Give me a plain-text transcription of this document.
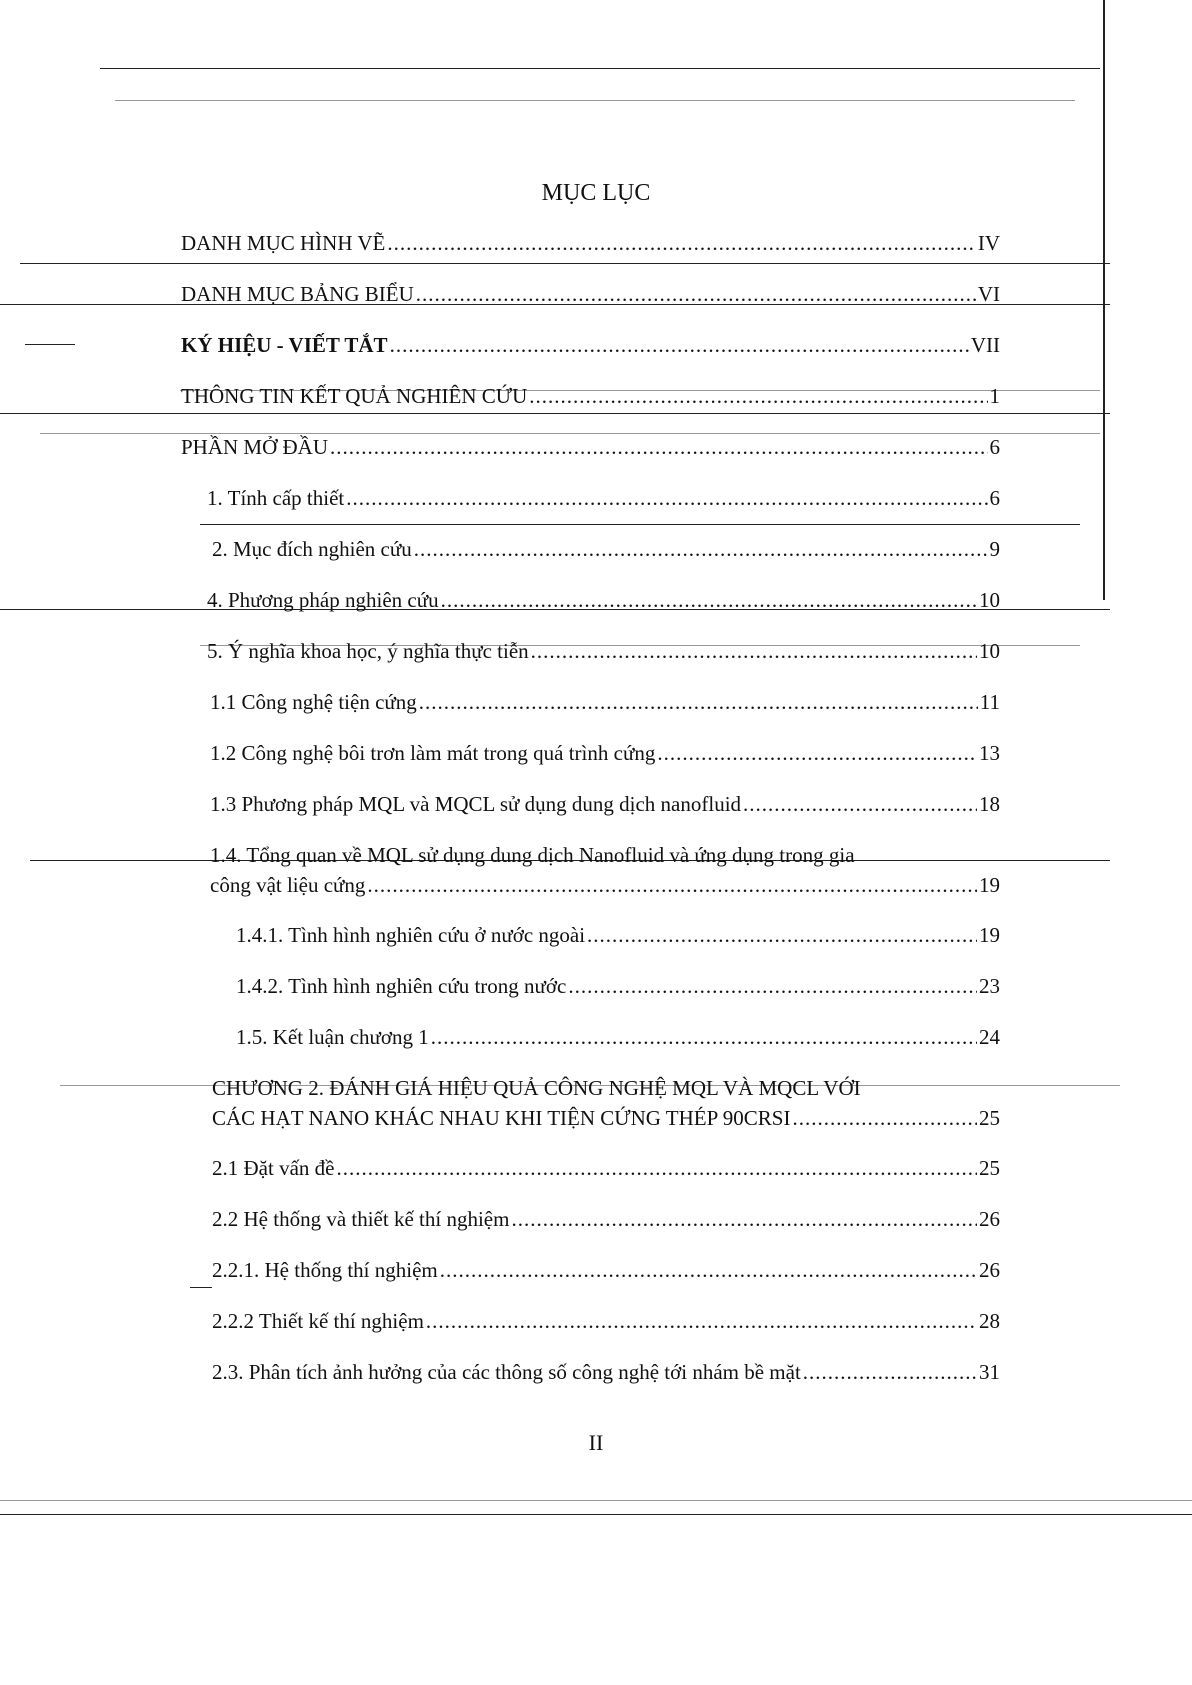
MỤC LỤC
DANH MỤC HÌNH VẼ .....	IV
DANH MỤC BẢNG BIỂU .....	VI
KÝ HIỆU - VIẾT TẮT .....	VII
THÔNG TIN KẾT QUẢ NGHIÊN CỨU .....	1
PHẦN MỞ ĐẦU .....	6
1. Tính cấp thiết .....	6
2. Mục đích nghiên cứu .....	9
4. Phương pháp nghiên cứu .....	10
5. Ý nghĩa khoa học, ý nghĩa thực tiễn .....	10
1.1 Công nghệ tiện cứng .....	11
1.2 Công nghệ bôi trơn làm mát trong quá trình cứng .....	13
1.3 Phương pháp MQL và MQCL sử dụng dung dịch nanofluid .....	18
1.4. Tổng quan về MQL sử dụng dung dịch Nanofluid và ứng dụng trong gia
công vật liệu cứng .....	19
1.4.1. Tình hình nghiên cứu ở nước ngoài .....	19
1.4.2. Tình hình nghiên cứu trong nước .....	23
1.5. Kết luận chương 1 .....	24
CHƯƠNG 2. ĐÁNH GIÁ HIỆU QUẢ CÔNG NGHỆ MQL VÀ MQCL VỚI
CÁC HẠT NANO KHÁC NHAU KHI TIỆN CỨNG THÉP 90CRSI .....	25
2.1 Đặt vấn đề .....	25
2.2 Hệ thống và thiết kế thí nghiệm .....	26
2.2.1. Hệ thống thí nghiệm .....	26
2.2.2 Thiết kế thí nghiệm .....	28
2.3. Phân tích ảnh hưởng của các thông số công nghệ tới nhám bề mặt .....	31
II
